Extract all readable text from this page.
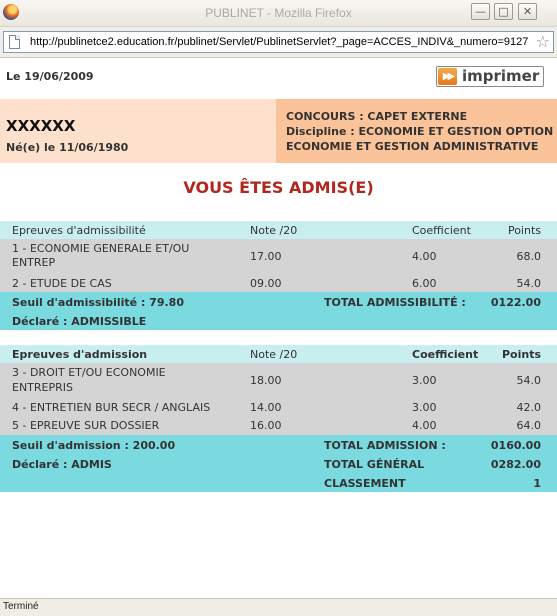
PUBLINET - Mozilla Firefox	—	□	✕
http://publinetce2.education.fr/publinet/Servlet/PublinetServlet?_page=ACCES_INDIV&_numero=9127 ☆
Le 19/06/2009	▶▶ imprimer
XXXXXX
Né(e) le 11/06/1980
CONCOURS : CAPET EXTERNE
Discipline : ECONOMIE ET GESTION OPTION
ECONOMIE ET GESTION ADMINISTRATIVE
VOUS ÊTES ADMIS(E)
Epreuves d'admissibilité	Note /20	Coefficient	Points
1 - ECONOMIE GENERALE ET/OU
ENTREP	17.00	4.00	68.0
2 - ETUDE DE CAS	09.00	6.00	54.0
Seuil d'admissibilité : 79.80	TOTAL ADMISSIBILITÉ : 0122.00
Déclaré : ADMISSIBLE
Epreuves d'admission	Note /20	Coefficient Points
3 - DROIT ET/OU ECONOMIE
ENTREPRIS
18.00	3.00	54.0
4 - ENTRETIEN BUR SECR / ANGLAIS	14.00	3.00	42.0
5 - EPREUVE SUR DOSSIER	16.00	4.00	64.0
Seuil d'admission : 200.00	TOTAL ADMISSION :	0160.00
Déclaré : ADMIS	TOTAL GÉNÉRAL	0282.00
CLASSEMENT	1
Terminé
